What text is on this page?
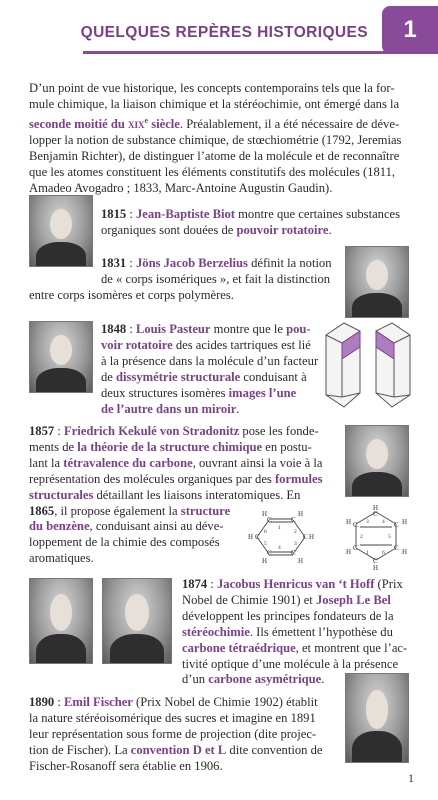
QUELQUES REPÈRES HISTORIQUES	1
D’un point de vue historique, les concepts contemporains tels que la for-
mule chimique, la liaison chimique et la stéréochimie, ont émergé dans la
seconde moitié du xix$^e$ siècle. Préalablement, il a été nécessaire de déve-
lopper la notion de substance chimique, de stœchiométrie (1792, Jeremias
Benjamin Richter), de distinguer l’atome de la molécule et de reconnaître
que les atomes constituent les éléments constitutifs des molécules (1811,
Amadeo Avogadro ; 1833, Marc-Antoine Augustin Gaudin).
1815 : Jean-Baptiste Biot montre que certaines substances
organiques sont douées de pouvoir rotatoire.
1831 : Jöns Jacob Berzelius définit la notion
de « corps isomériques », et fait la distinction
entre corps isomères et corps polymères.
1848 : Louis Pasteur montre que le pou-
voir rotatoire des acides tartriques est lié
à la présence dans la molécule d’un facteur
de dissymétrie structurale conduisant à
deux structures isomères images l’une
de l’autre dans un miroir.
1857 : Friedrich Kekulé von Stradonitz pose les fonde-
ments de la théorie de la structure chimique en postu-
lant la tétravalence du carbone, ouvrant ainsi la voie à la
représentation des molécules organiques par des formules
structurales détaillant les liaisons interatomiques. En
1865, il propose également la structure
du benzène, conduisant ainsi au déve-
loppement de la chimie des composés
aromatiques.
H
C	C
H
H C	C H
C	C
H	H
1
2
3
4
5
6
H
C
H C	C H
C
H	C H
C
H
3 4
2	5
1 6
1874 : Jacobus Henricus van ‘t Hoff (Prix
Nobel de Chimie 1901) et Joseph Le Bel
développent les principes fondateurs de la
stéréochimie. Ils émettent l’hypothèse du
carbone tétraédrique, et montrent que l’ac-
tivité optique d’une molécule à la présence
d’un carbone asymétrique.
1890 : Emil Fischer (Prix Nobel de Chimie 1902) établit
la nature stéréoisomérique des sucres et imagine en 1891
leur représentation sous forme de projection (dite projec-
tion de Fischer). La convention D et L dite convention de
Fischer-Rosanoff sera établie en 1906.
1
